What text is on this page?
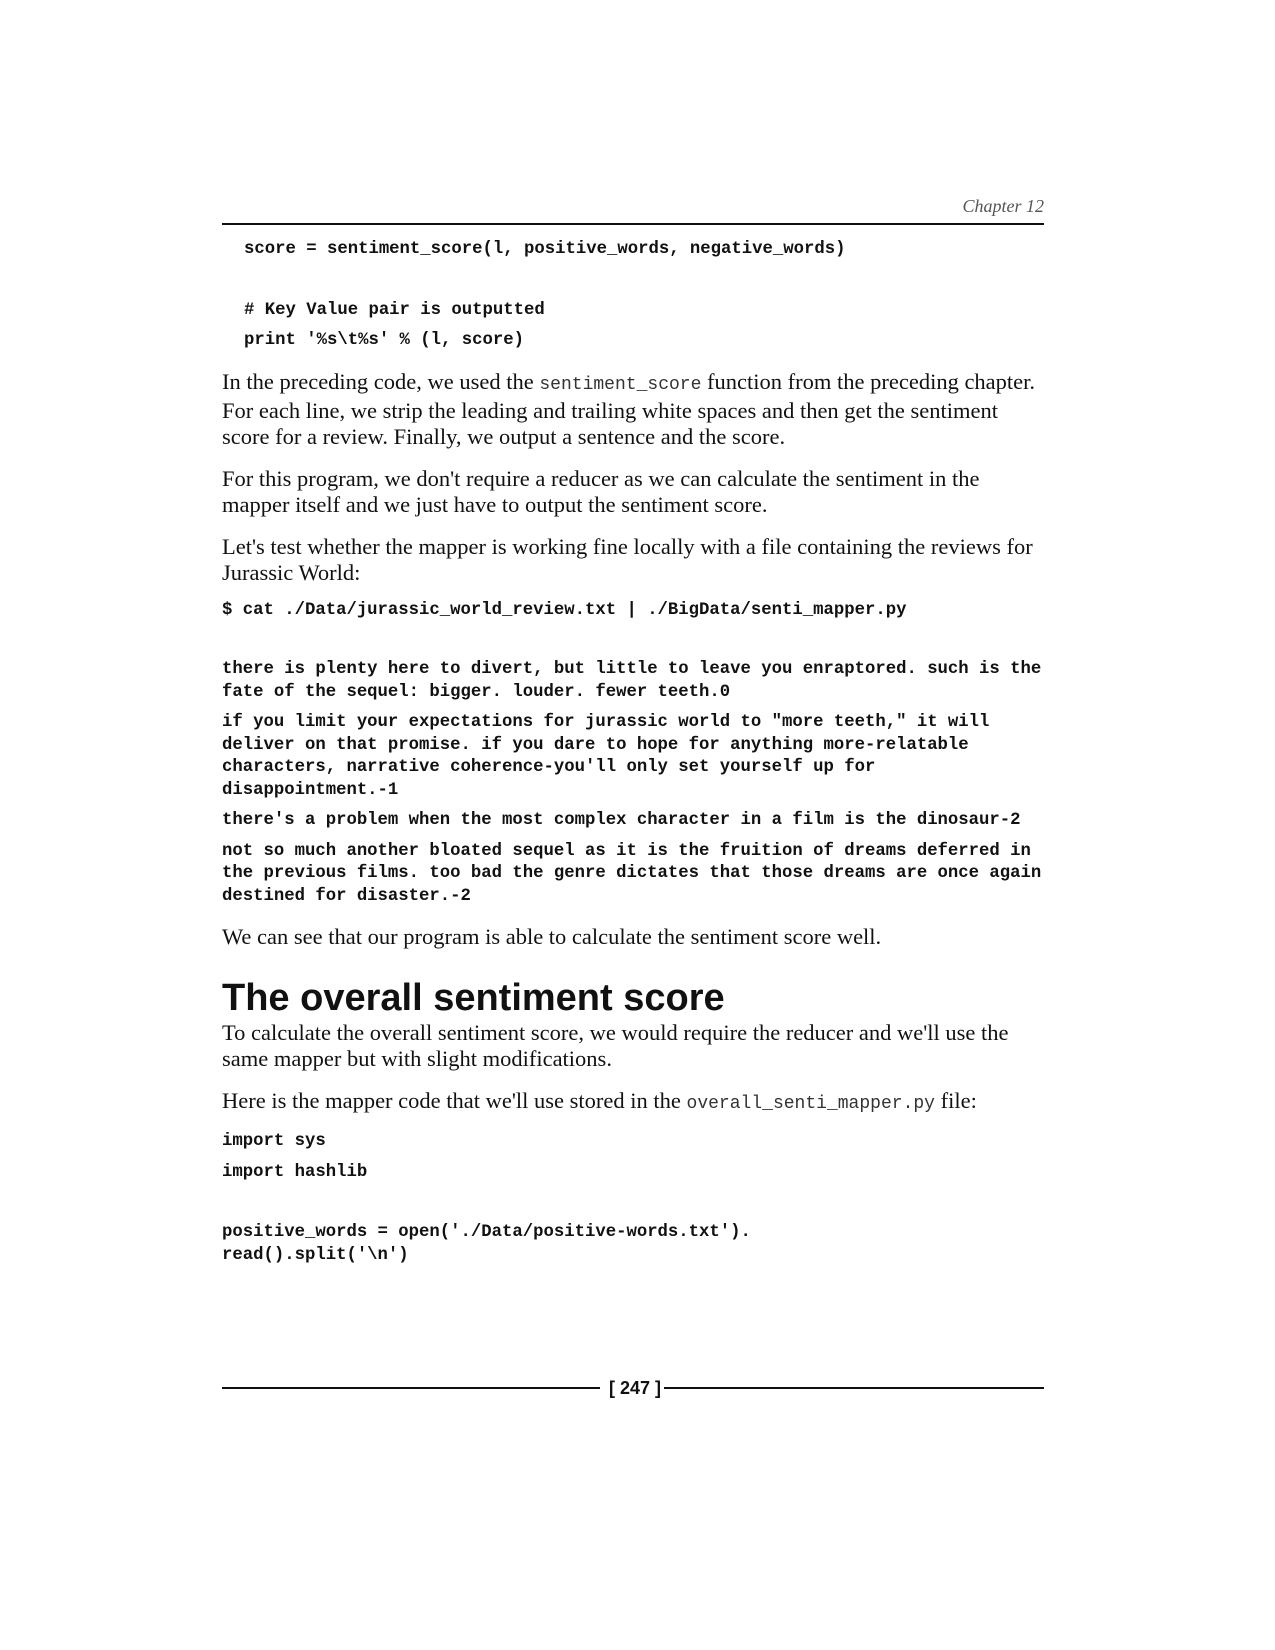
Chapter 12

score = sentiment_score(l, positive_words, negative_words)

# Key Value pair is outputted

print '%s\t%s' % (l, score)

In the preceding code, we used the sentiment_score function from the preceding chapter. For each line, we strip the leading and trailing white spaces and then get the sentiment score for a review. Finally, we output a sentence and the score.

For this program, we don't require a reducer as we can calculate the sentiment in the mapper itself and we just have to output the sentiment score.

Let's test whether the mapper is working fine locally with a file containing the reviews for Jurassic World:

$ cat ./Data/jurassic_world_review.txt | ./BigData/senti_mapper.py

there is plenty here to divert, but little to leave you enraptored. such is the fate of the sequel: bigger. louder. fewer teeth.0

if you limit your expectations for jurassic world to "more teeth," it will deliver on that promise. if you dare to hope for anything more-relatable characters, narrative coherence-you'll only set yourself up for disappointment.-1

there's a problem when the most complex character in a film is the dinosaur-2

not so much another bloated sequel as it is the fruition of dreams deferred in the previous films. too bad the genre dictates that those dreams are once again destined for disaster.-2

We can see that our program is able to calculate the sentiment score well.

The overall sentiment score

To calculate the overall sentiment score, we would require the reducer and we'll use the same mapper but with slight modifications.

Here is the mapper code that we'll use stored in the overall_senti_mapper.py file:

import sys

import hashlib

positive_words = open('./Data/positive-words.txt').

read().split('\n')

[ 247 ]
